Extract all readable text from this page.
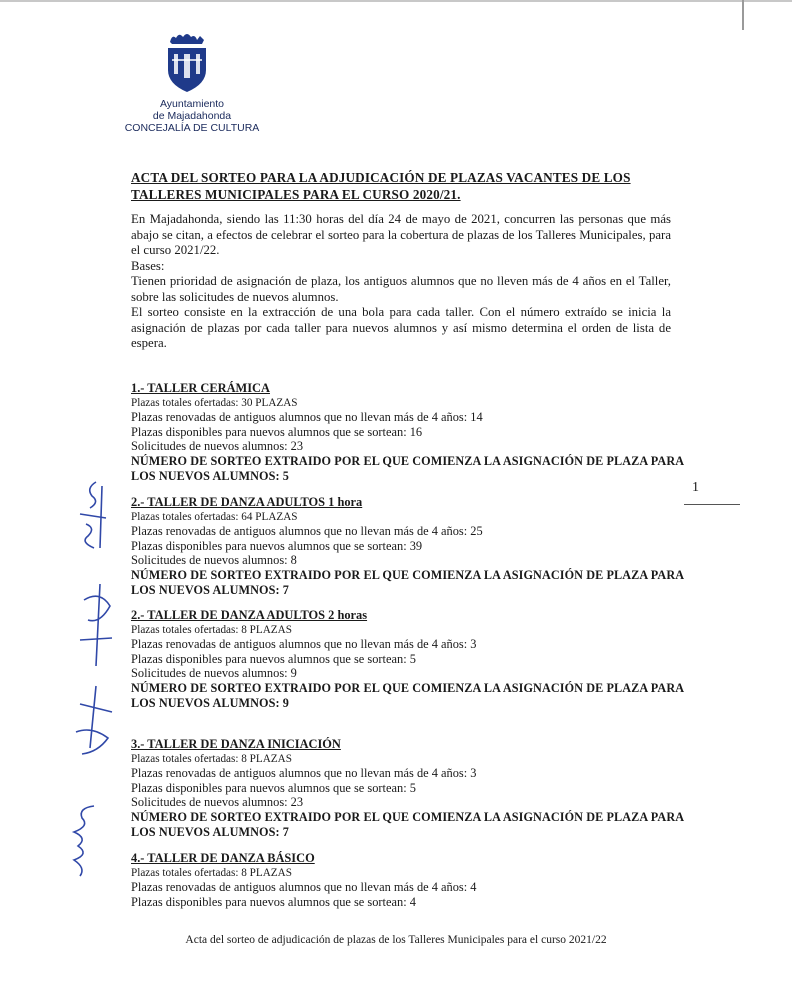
Ayuntamiento
de Majadahonda
CONCEJALÍA DE CULTURA

ACTA DEL SORTEO PARA LA ADJUDICACIÓN DE PLAZAS VACANTES DE LOS TALLERES MUNICIPALES PARA EL CURSO 2020/21.

En Majadahonda, siendo las 11:30 horas del día 24 de mayo de 2021, concurren las personas que más abajo se citan, a efectos de celebrar el sorteo para la cobertura de plazas de los Talleres Municipales, para el curso 2021/22.

Bases:

Tienen prioridad de asignación de plaza, los antiguos alumnos que no lleven más de 4 años en el Taller, sobre las solicitudes de nuevos alumnos.

El sorteo consiste en la extracción de una bola para cada taller. Con el número extraído se inicia la asignación de plazas por cada taller para nuevos alumnos y así mismo determina el orden de lista de espera.

1.- TALLER CERÁMICA

Plazas totales ofertadas: 30 PLAZAS
Plazas renovadas de antiguos alumnos que no llevan más de 4 años: 14
Plazas disponibles para nuevos alumnos que se sortean: 16
Solicitudes de nuevos alumnos: 23
NÚMERO DE SORTEO EXTRAIDO POR EL QUE COMIENZA LA ASIGNACIÓN DE PLAZA PARA
LOS NUEVOS ALUMNOS: 5

2.- TALLER DE DANZA ADULTOS 1 hora

Plazas totales ofertadas: 64 PLAZAS
Plazas renovadas de antiguos alumnos que no llevan más de 4 años: 25
Plazas disponibles para nuevos alumnos que se sortean: 39
Solicitudes de nuevos alumnos: 8
NÚMERO DE SORTEO EXTRAIDO POR EL QUE COMIENZA LA ASIGNACIÓN DE PLAZA PARA
LOS NUEVOS ALUMNOS: 7

2.- TALLER DE DANZA ADULTOS 2 horas

Plazas totales ofertadas: 8 PLAZAS
Plazas renovadas de antiguos alumnos que no llevan más de 4 años: 3
Plazas disponibles para nuevos alumnos que se sortean: 5
Solicitudes de nuevos alumnos: 9
NÚMERO DE SORTEO EXTRAIDO POR EL QUE COMIENZA LA ASIGNACIÓN DE PLAZA PARA
LOS NUEVOS ALUMNOS: 9

3.- TALLER DE DANZA INICIACIÓN

Plazas totales ofertadas: 8 PLAZAS
Plazas renovadas de antiguos alumnos que no llevan más de 4 años: 3
Plazas disponibles para nuevos alumnos que se sortean: 5
Solicitudes de nuevos alumnos: 23
NÚMERO DE SORTEO EXTRAIDO POR EL QUE COMIENZA LA ASIGNACIÓN DE PLAZA PARA
LOS NUEVOS ALUMNOS: 7

4.- TALLER DE DANZA BÁSICO

Plazas totales ofertadas: 8 PLAZAS
Plazas renovadas de antiguos alumnos que no llevan más de 4 años: 4
Plazas disponibles para nuevos alumnos que se sortean: 4
1
Acta del sorteo de adjudicación de plazas de los Talleres Municipales para el curso 2021/22
